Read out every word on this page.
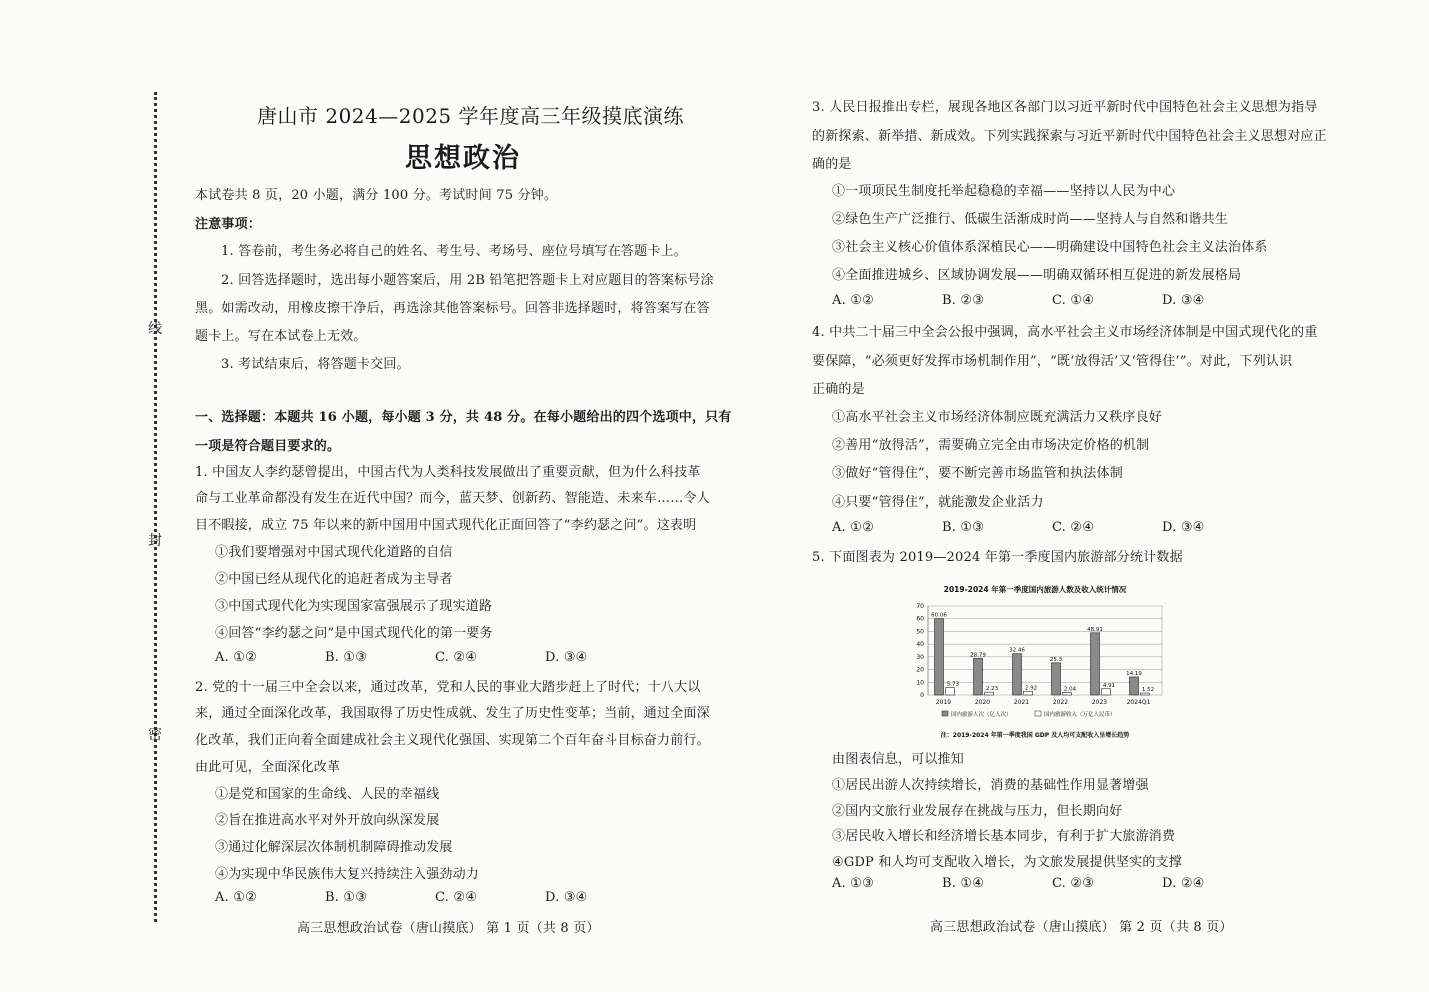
线
封
密
唐山市 2024—2025 学年度高三年级摸底演练
思想政治
本试卷共 8 页，20 小题，满分 100 分。考试时间 75 分钟。
注意事项：
1. 答卷前，考生务必将自己的姓名、考生号、考场号、座位号填写在答题卡上。
2. 回答选择题时，选出每小题答案后，用 2B 铅笔把答题卡上对应题目的答案标号涂
黑。如需改动，用橡皮擦干净后，再选涂其他答案标号。回答非选择题时，将答案写在答
题卡上。写在本试卷上无效。
3. 考试结束后，将答题卡交回。
一、选择题：本题共 16 小题，每小题 3 分，共 48 分。在每小题给出的四个选项中，只有
一项是符合题目要求的。
1. 中国友人李约瑟曾提出，中国古代为人类科技发展做出了重要贡献，但为什么科技革
命与工业革命都没有发生在近代中国？而今，蓝天梦、创新药、智能造、未来车……令人
目不暇接，成立 75 年以来的新中国用中国式现代化正面回答了“李约瑟之问”。这表明
①我们要增强对中国式现代化道路的自信
②中国已经从现代化的追赶者成为主导者
③中国式现代化为实现国家富强展示了现实道路
④回答“李约瑟之问”是中国式现代化的第一要务
A. ①②	B. ①③	C. ②④	D. ③④
2. 党的十一届三中全会以来，通过改革，党和人民的事业大踏步赶上了时代；十八大以
来，通过全面深化改革，我国取得了历史性成就、发生了历史性变革；当前，通过全面深
化改革，我们正向着全面建成社会主义现代化强国、实现第二个百年奋斗目标奋力前行。
由此可见，全面深化改革
①是党和国家的生命线、人民的幸福线
②旨在推进高水平对外开放向纵深发展
③通过化解深层次体制机制障碍推动发展
④为实现中华民族伟大复兴持续注入强劲动力
A. ①②	B. ①③	C. ②④	D. ③④
高三思想政治试卷（唐山摸底） 第 1 页（共 8 页）
3. 人民日报推出专栏，展现各地区各部门以习近平新时代中国特色社会主义思想为指导
的新探索、新举措、新成效。下列实践探索与习近平新时代中国特色社会主义思想对应正
确的是
①一项项民生制度托举起稳稳的幸福——坚持以人民为中心
②绿色生产广泛推行、低碳生活渐成时尚——坚持人与自然和谐共生
③社会主义核心价值体系深植民心——明确建设中国特色社会主义法治体系
④全面推进城乡、区域协调发展——明确双循环相互促进的新发展格局
A. ①②	B. ②③	C. ①④	D. ③④
4. 中共二十届三中全会公报中强调，高水平社会主义市场经济体制是中国式现代化的重
要保障，“必须更好发挥市场机制作用”，“既‘放得活’又‘管得住’”。对此，下列认识
正确的是
①高水平社会主义市场经济体制应既充满活力又秩序良好
②善用“放得活”，需要确立完全由市场决定价格的机制
③做好“管得住”，要不断完善市场监管和执法体制
④只要“管得住”，就能激发企业活力
A. ①②	B. ①③	C. ②④	D. ③④
5. 下面图表为 2019—2024 年第一季度国内旅游部分统计数据
2019-2024 年第一季度国内旅游人数及收入统计情况
0
10
20
30
40
50
60
70
60.06
5.73
28.79
2.23
32.46
2.92
25.3
2.04
48.91
4.91
14.19
1.52
2019	2020	2021	2022	2023	2024Q1
国内旅游人次（亿人次）	国内旅游收入（万亿人民币）
注：2019-2024 年第一季度我国 GDP 及人均可支配收入呈增长趋势
由图表信息，可以推知
①居民出游人次持续增长，消费的基础性作用显著增强
②国内文旅行业发展存在挑战与压力，但长期向好
③居民收入增长和经济增长基本同步，有利于扩大旅游消费
④GDP 和人均可支配收入增长，为文旅发展提供坚实的支撑
A. ①③	B. ①④	C. ②③	D. ②④
高三思想政治试卷（唐山摸底） 第 2 页（共 8 页）
